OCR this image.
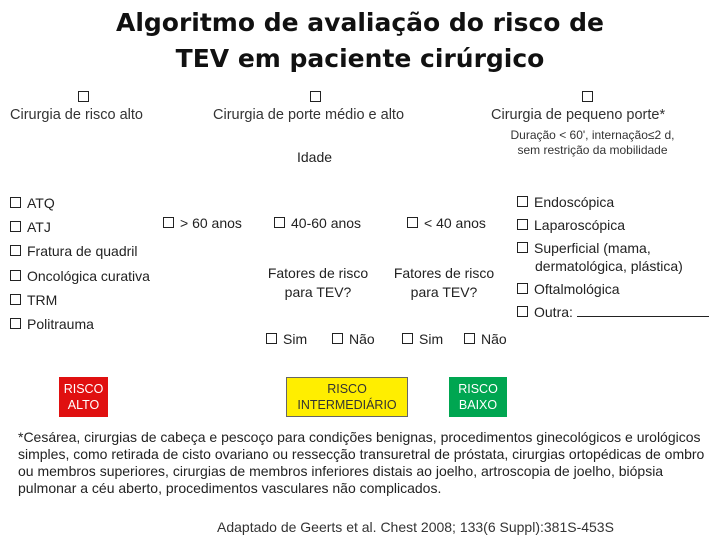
Algoritmo de avaliação do risco de
TEV em paciente cirúrgico
Cirurgia de risco alto	Cirurgia de porte médio e alto	Cirurgia de pequeno porte*
Duração < 60', internação≤2 d,
sem restrição da mobilidade
Idade
ATQ
ATJ
Fratura de quadril
Oncológica curativa
TRM
Politrauma
> 60 anos	40-60 anos	< 40 anos
Fatores de risco
para TEV?
Fatores de risco
para TEV?
Endoscópica
Laparoscópica
Superficial (mama,
dermatológica, plástica)
Oftalmológica
Outra:
Sim	Não	Sim	Não
RISCO
ALTO
RISCO
INTERMEDIÁRIO
RISCO
BAIXO
*Cesárea, cirurgias de cabeça e pescoço para condições benignas, procedimentos ginecológicos e urológicos simples, como retirada de cisto ovariano ou ressecção transuretral de próstata, cirurgias ortopédicas de ombro ou membros superiores, cirurgias de membros inferiores distais ao joelho, artroscopia de joelho, biópsia pulmonar a céu aberto, procedimentos vasculares não complicados.
Adaptado de Geerts et al. Chest 2008; 133(6 Suppl):381S-453S
